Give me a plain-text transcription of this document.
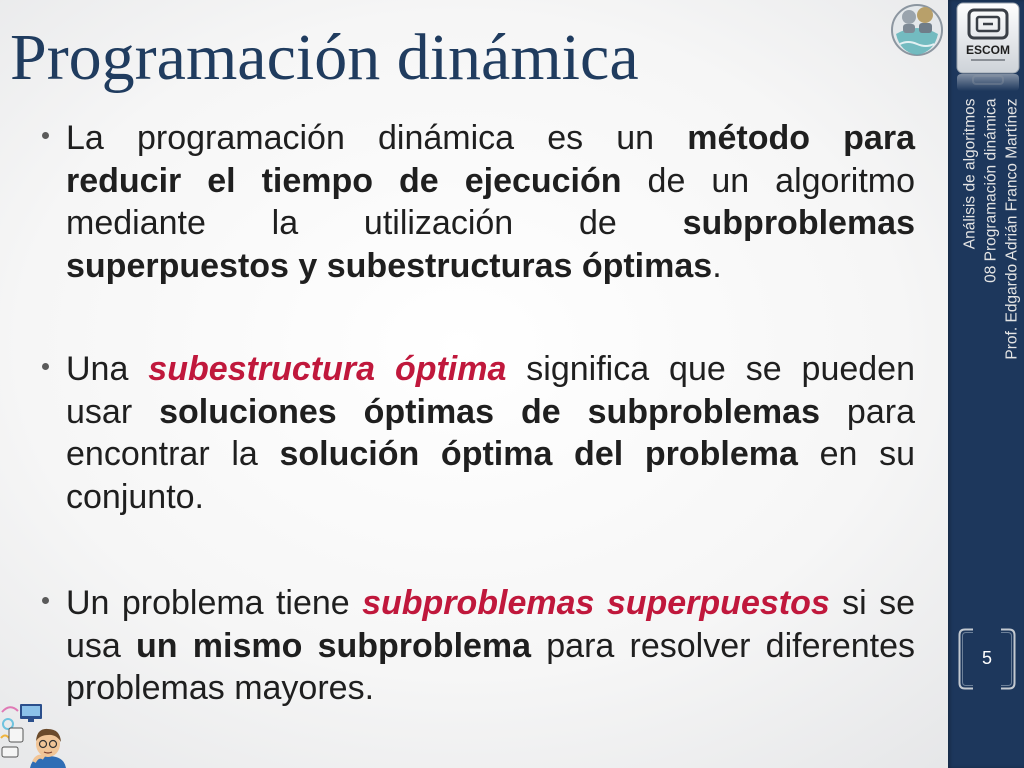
Programación dinámica
La programación dinámica es un método para
reducir el tiempo de ejecución de un algoritmo
mediante la utilización de subproblemas
superpuestos y subestructuras óptimas.
Una subestructura óptima significa que se pueden
usar soluciones óptimas de subproblemas para
encontrar la solución óptima del problema en su
conjunto.
Un problema tiene subproblemas superpuestos si se
usa un mismo subproblema para resolver diferentes
problemas mayores.
ESCOM
Análisis de algoritmos 08 Programación dinámica Prof. Edgardo Adrián Franco Martínez
5
